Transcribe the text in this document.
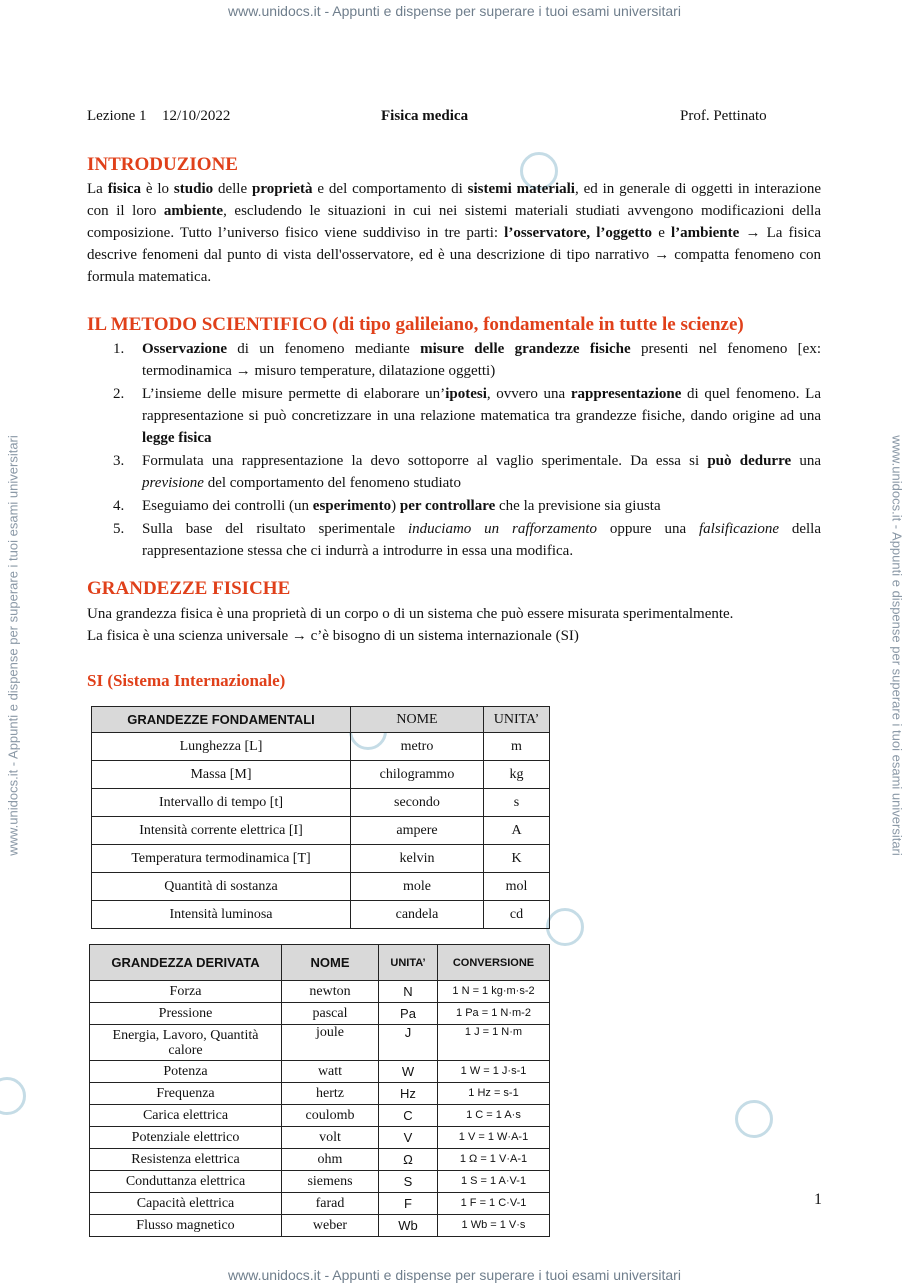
www.unidocs.it - Appunti e dispense per superare i tuoi esami universitari
www.unidocs.it - Appunti e dispense per superare i tuoi esami universitari
www.unidocs.it - Appunti e dispense per superare i tuoi esami universitari	www.unidocs.it - Appunti e dispense per superare i tuoi esami universitari
Lezione 1 12/10/2022	Fisica medica	Prof. Pettinato
INTRODUZIONE
La fisica è lo studio delle proprietà e del comportamento di sistemi materiali, ed in generale di oggetti in interazione con il loro ambiente, escludendo le situazioni in cui nei sistemi materiali studiati avvengono modificazioni della composizione. Tutto l’universo fisico viene suddiviso in tre parti: l’osservatore, l’oggetto e l’ambiente → La fisica descrive fenomeni dal punto di vista dell'osservatore, ed è una descrizione di tipo narrativo → compatta fenomeno con formula matematica.
IL METODO SCIENTIFICO (di tipo galileiano, fondamentale in tutte le scienze)
1. Osservazione di un fenomeno mediante misure delle grandezze fisiche presenti nel fenomeno [ex: termodinamica → misuro temperature, dilatazione oggetti)
2. L’insieme delle misure permette di elaborare un’ipotesi, ovvero una rappresentazione di quel fenomeno. La rappresentazione si può concretizzare in una relazione matematica tra grandezze fisiche, dando origine ad una legge fisica
3. Formulata una rappresentazione la devo sottoporre al vaglio sperimentale. Da essa si può dedurre una previsione del comportamento del fenomeno studiato
4. Eseguiamo dei controlli (un esperimento) per controllare che la previsione sia giusta
5. Sulla base del risultato sperimentale induciamo un rafforzamento oppure una falsificazione della rappresentazione stessa che ci indurrà a introdurre in essa una modifica.
GRANDEZZE FISICHE
Una grandezza fisica è una proprietà di un corpo o di un sistema che può essere misurata sperimentalmente.
La fisica è una scienza universale → c’è bisogno di un sistema internazionale (SI)
SI (Sistema Internazionale)
GRANDEZZE FONDAMENTALI	NOME	UNITA’
Lunghezza [L]	metro	m
Massa [M]	chilogrammo	kg
Intervallo di tempo [t]	secondo	s
Intensità corrente elettrica [I]	ampere	A
Temperatura termodinamica [T]	kelvin	K
Quantità di sostanza	mole	mol
Intensità luminosa	candela	cd
GRANDEZZA DERIVATA	NOME	UNITA’	CONVERSIONE
Forza	newton	N	1 N = 1 kg·m·s-2
Pressione	pascal	Pa	1 Pa = 1 N·m-2
Energia, Lavoro, Quantità calore	joule	J	1 J = 1 N·m
Potenza	watt	W	1 W = 1 J·s-1
Frequenza	hertz	Hz	1 Hz = s-1
Carica elettrica	coulomb	C	1 C = 1 A·s
Potenziale elettrico	volt	V	1 V = 1 W·A-1
Resistenza elettrica	ohm	Ω	1 Ω = 1 V·A-1
Conduttanza elettrica	siemens	S	1 S = 1 A·V-1
Capacità elettrica	farad	F	1 F = 1 C·V-1
Flusso magnetico	weber	Wb	1 Wb = 1 V·s
1
